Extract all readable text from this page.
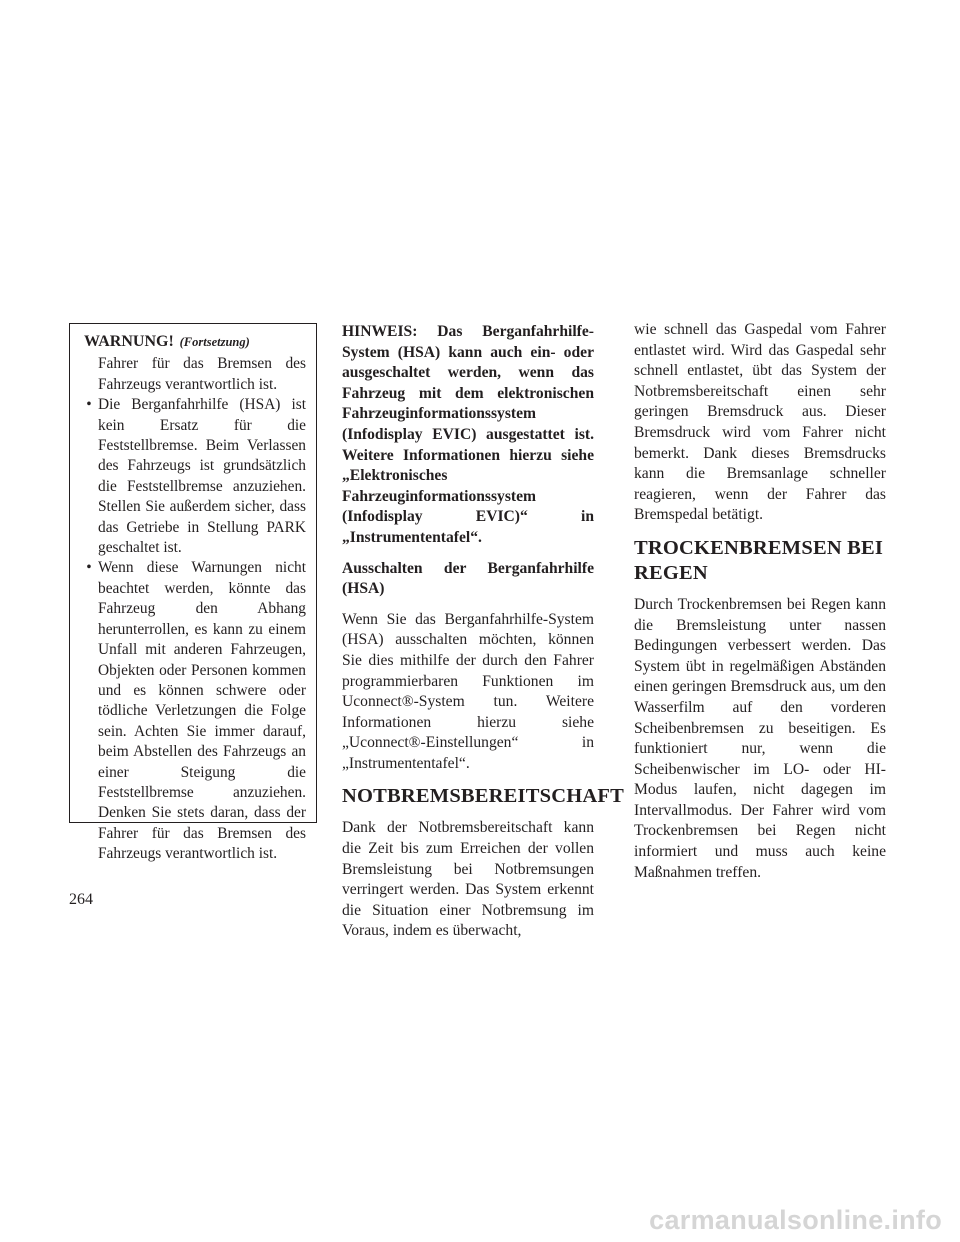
WARNUNG! (Fortsetzung)

Fahrer für das Bremsen des Fahrzeugs verantwortlich ist.

• Die Berganfahrhilfe (HSA) ist kein Ersatz für die Feststellbremse. Beim Verlassen des Fahrzeugs ist grundsätzlich die Feststellbremse anzuziehen. Stellen Sie außerdem sicher, dass das Getriebe in Stellung PARK geschaltet ist.
• Wenn diese Warnungen nicht beachtet werden, könnte das Fahrzeug den Abhang herunterrollen, es kann zu einem Unfall mit anderen Fahrzeugen, Objekten oder Personen kommen und es können schwere oder tödliche Verletzungen die Folge sein. Achten Sie immer darauf, beim Abstellen des Fahrzeugs an einer Steigung die Feststellbremse anzuziehen. Denken Sie stets daran, dass der Fahrer für das Bremsen des Fahrzeugs verantwortlich ist.

HINWEIS: Das Berganfahrhilfe-System (HSA) kann auch ein- oder ausgeschaltet werden, wenn das Fahrzeug mit dem elektronischen Fahrzeuginformationssystem (Infodisplay EVIC) ausgestattet ist. Weitere Informationen hierzu siehe „Elektronisches Fahrzeuginformationssystem (Infodisplay EVIC)“ in „Instrumententafel“.

Ausschalten der Berganfahrhilfe (HSA)

Wenn Sie das Berganfahrhilfe-System (HSA) ausschalten möchten, können Sie dies mithilfe der durch den Fahrer programmierbaren Funktionen im Uconnect®-System tun. Weitere Informationen hierzu siehe „Uconnect®-Einstellungen“ in „Instrumententafel“.

NOTBREMSBEREITSCHAFT

Dank der Notbremsbereitschaft kann die Zeit bis zum Erreichen der vollen Bremsleistung bei Notbremsungen verringert werden. Das System erkennt die Situation einer Notbremsung im Voraus, indem es überwacht,

wie schnell das Gaspedal vom Fahrer entlastet wird. Wird das Gaspedal sehr schnell entlastet, übt das System der Notbremsbereitschaft einen sehr geringen Bremsdruck aus. Dieser Bremsdruck wird vom Fahrer nicht bemerkt. Dank dieses Bremsdrucks kann die Bremsanlage schneller reagieren, wenn der Fahrer das Bremspedal betätigt.

TROCKENBREMSEN BEI REGEN

Durch Trockenbremsen bei Regen kann die Bremsleistung unter nassen Bedingungen verbessert werden. Das System übt in regelmäßigen Abständen einen geringen Bremsdruck aus, um den Wasserfilm auf den vorderen Scheibenbremsen zu beseitigen. Es funktioniert nur, wenn die Scheibenwischer im LO- oder HI-Modus laufen, nicht dagegen im Intervallmodus. Der Fahrer wird vom Trockenbremsen bei Regen nicht informiert und muss auch keine Maßnahmen treffen.

264
carmanualsonline.info
